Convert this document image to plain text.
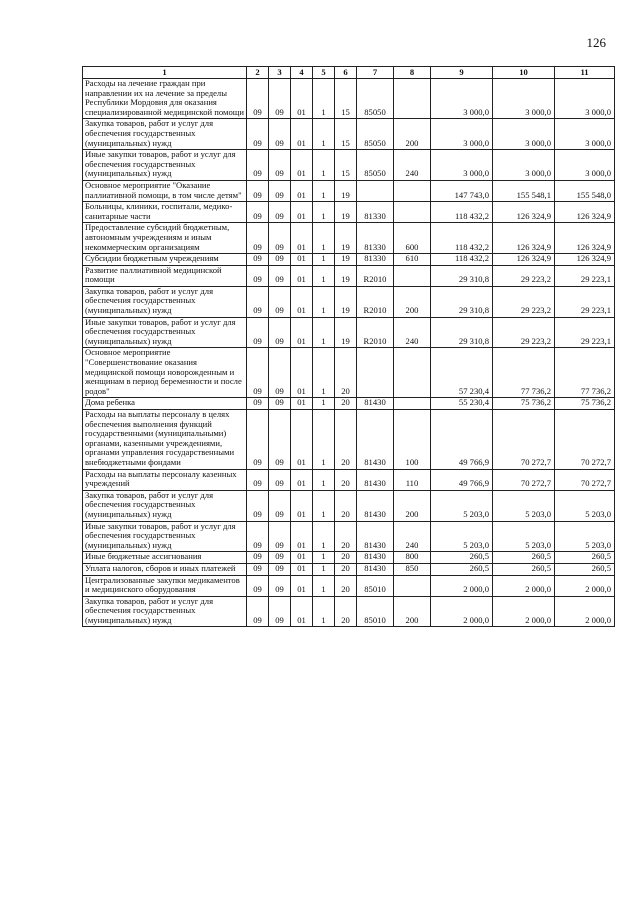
126
1	2	3	4	5	6	7	8	9	10	11
Расходы на лечение граждан при направлении их на лечение за пределы Республики Мордовия для оказания специализированной медицинской помощи	09	09	01	1	15	85050		3 000,0	3 000,0	3 000,0
Закупка товаров, работ и услуг для обеспечения государственных (муниципальных) нужд	09	09	01	1	15	85050	200	3 000,0	3 000,0	3 000,0
Иные закупки товаров, работ и услуг для обеспечения государственных (муниципальных) нужд	09	09	01	1	15	85050	240	3 000,0	3 000,0	3 000,0
Основное мероприятие "Оказание паллиативной помощи, в том числе детям"	09	09	01	1	19			147 743,0	155 548,1	155 548,0
Больницы, клиники, госпитали, медико-санитарные части	09	09	01	1	19	81330		118 432,2	126 324,9	126 324,9
Предоставление субсидий бюджетным, автономным учреждениям и иным некоммерческим организациям	09	09	01	1	19	81330	600	118 432,2	126 324,9	126 324,9
Субсидии бюджетным учреждениям	09	09	01	1	19	81330	610	118 432,2	126 324,9	126 324,9
Развитие паллиативной медицинской помощи	09	09	01	1	19	R2010		29 310,8	29 223,2	29 223,1
Закупка товаров, работ и услуг для обеспечения государственных (муниципальных) нужд	09	09	01	1	19	R2010	200	29 310,8	29 223,2	29 223,1
Иные закупки товаров, работ и услуг для обеспечения государственных (муниципальных) нужд	09	09	01	1	19	R2010	240	29 310,8	29 223,2	29 223,1
Основное мероприятие "Совершенствование оказания медицинской помощи новорожденным и женщинам в период беременности и после родов"	09	09	01	1	20			57 230,4	77 736,2	77 736,2
Дома ребенка	09	09	01	1	20	81430		55 230,4	75 736,2	75 736,2
Расходы на выплаты персоналу в целях обеспечения выполнения функций государственными (муниципальными) органами, казенными учреждениями, органами управления государственными внебюджетными фондами	09	09	01	1	20	81430	100	49 766,9	70 272,7	70 272,7
Расходы на выплаты персоналу казенных учреждений	09	09	01	1	20	81430	110	49 766,9	70 272,7	70 272,7
Закупка товаров, работ и услуг для обеспечения государственных (муниципальных) нужд	09	09	01	1	20	81430	200	5 203,0	5 203,0	5 203,0
Иные закупки товаров, работ и услуг для обеспечения государственных (муниципальных) нужд	09	09	01	1	20	81430	240	5 203,0	5 203,0	5 203,0
Иные бюджетные ассигнования	09	09	01	1	20	81430	800	260,5	260,5	260,5
Уплата налогов, сборов и иных платежей	09	09	01	1	20	81430	850	260,5	260,5	260,5
Централизованные закупки медикаментов и медицинского оборудования	09	09	01	1	20	85010		2 000,0	2 000,0	2 000,0
Закупка товаров, работ и услуг для обеспечения государственных (муниципальных) нужд	09	09	01	1	20	85010	200	2 000,0	2 000,0	2 000,0
